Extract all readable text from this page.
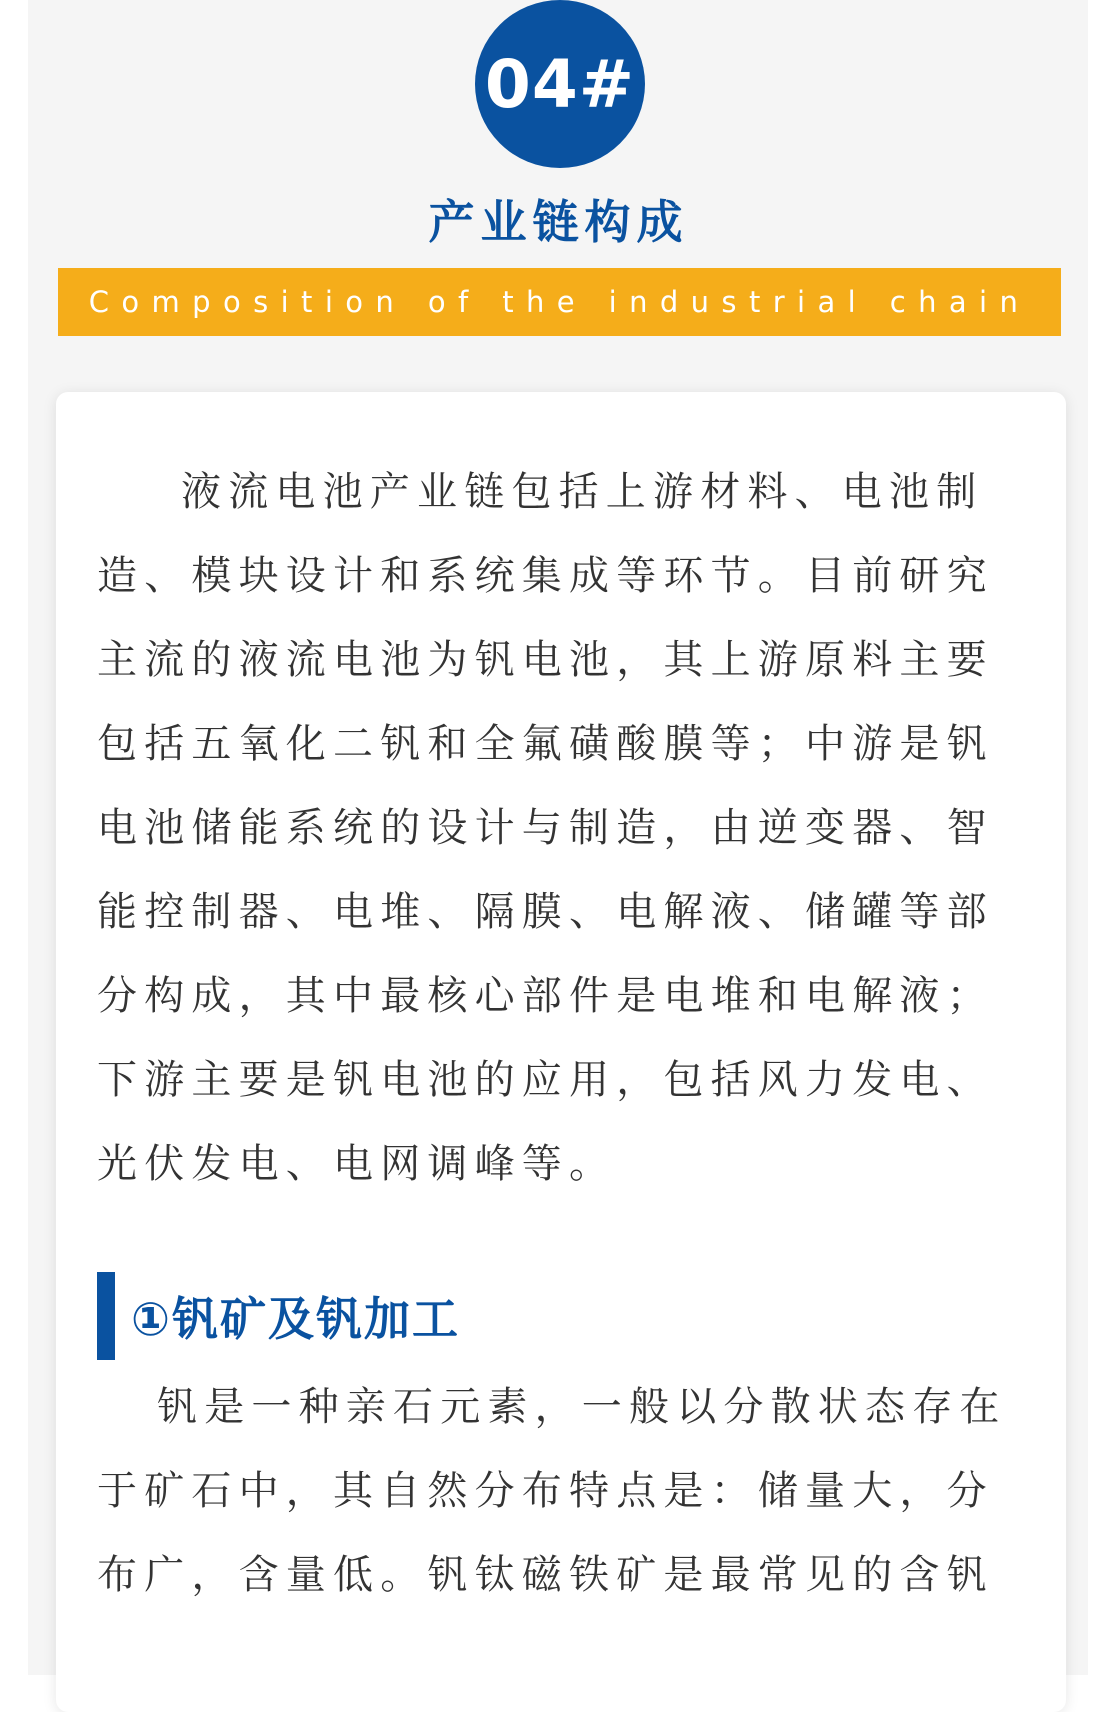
04#
产业链构成
Composition of the industrial chain

液流电池产业链包括上游材料、电池制造、模块设计和系统集成等环节。目前研究主流的液流电池为钒电池，其上游原料主要包括五氧化二钒和全氟磺酸膜等；中游是钒电池储能系统的设计与制造，由逆变器、智能控制器、电堆、隔膜、电解液、储罐等部分构成，其中最核心部件是电堆和电解液；下游主要是钒电池的应用，包括风力发电、光伏发电、电网调峰等。

①钒矿及钒加工

钒是一种亲石元素，一般以分散状态存在于矿石中，其自然分布特点是：储量大，分布广，含量低。钒钛磁铁矿是最常见的含钒
